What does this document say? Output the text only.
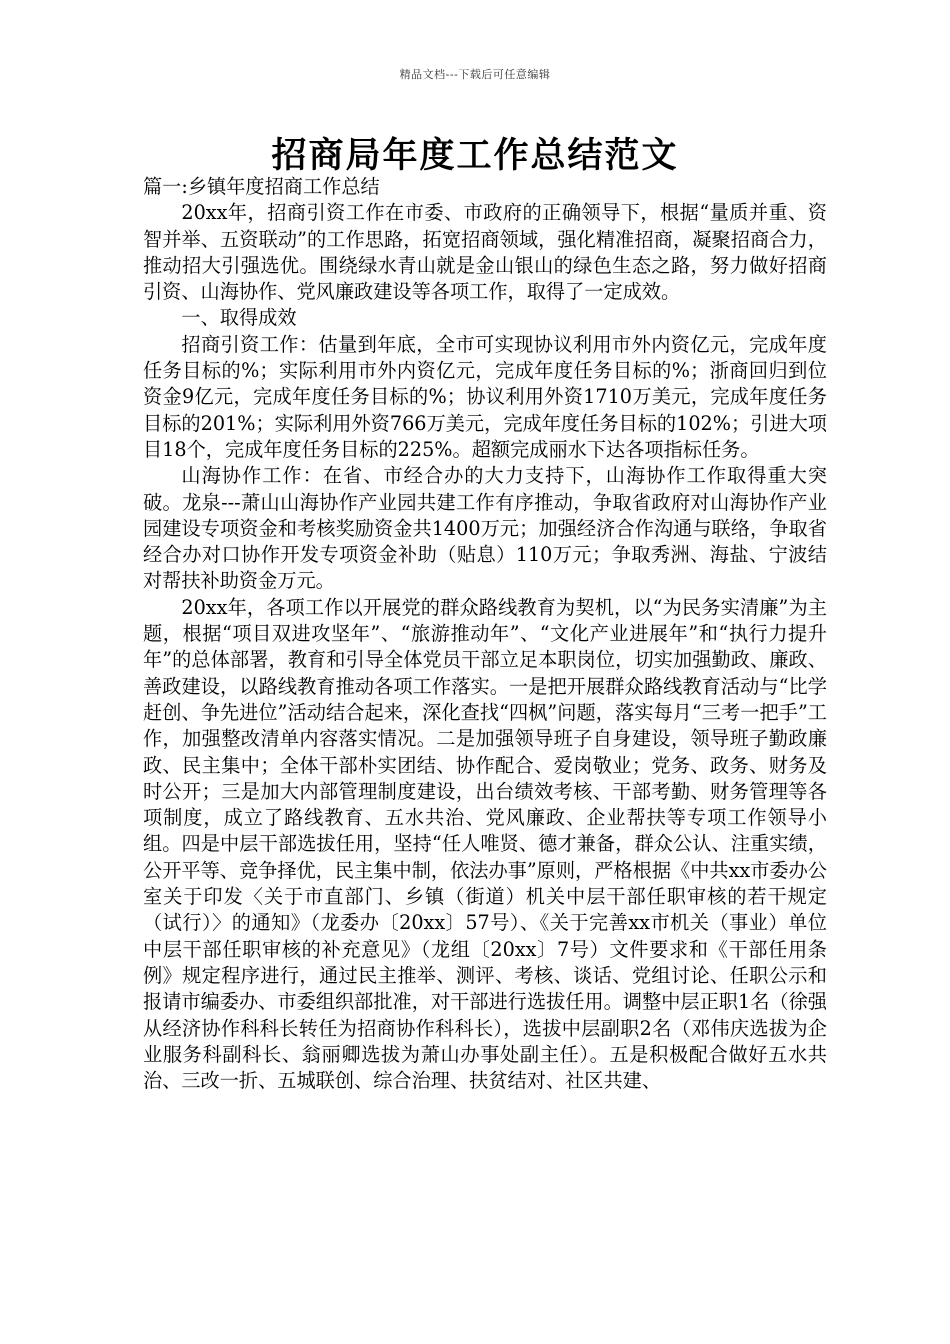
精品文档---下载后可任意编辑
招商局年度工作总结范文

篇一:乡镇年度招商工作总结

20xx年，招商引资工作在市委、市政府的正确领导下，根据“量质并重、资智并举、五资联动”的工作思路，拓宽招商领域，强化精准招商，凝聚招商合力，推动招大引强选优。围绕绿水青山就是金山银山的绿色生态之路，努力做好招商引资、山海协作、党风廉政建设等各项工作，取得了一定成效。

一、取得成效

招商引资工作：估量到年底，全市可实现协议利用市外内资亿元，完成年度任务目标的%；实际利用市外内资亿元，完成年度任务目标的%；浙商回归到位资金9亿元，完成年度任务目标的%；协议利用外资1710万美元，完成年度任务目标的201%；实际利用外资766万美元，完成年度任务目标的102%；引进大项目18个，完成年度任务目标的225%。超额完成丽水下达各项指标任务。

山海协作工作：在省、市经合办的大力支持下，山海协作工作取得重大突破。龙泉---萧山山海协作产业园共建工作有序推动，争取省政府对山海协作产业园建设专项资金和考核奖励资金共1400万元；加强经济合作沟通与联络，争取省经合办对口协作开发专项资金补助（贴息）110万元；争取秀洲、海盐、宁波结对帮扶补助资金万元。

20xx年，各项工作以开展党的群众路线教育为契机，以“为民务实清廉”为主题，根据“项目双进攻坚年”、“旅游推动年”、“文化产业进展年”和“执行力提升年”的总体部署，教育和引导全体党员干部立足本职岗位，切实加强勤政、廉政、善政建设，以路线教育推动各项工作落实。一是把开展群众路线教育活动与“比学赶创、争先进位”活动结合起来，深化查找“四枫”问题，落实每月“三考一把手”工作，加强整改清单内容落实情况。二是加强领导班子自身建设，领导班子勤政廉政、民主集中；全体干部朴实团结、协作配合、爱岗敬业；党务、政务、财务及时公开；三是加大内部管理制度建设，出台绩效考核、干部考勤、财务管理等各项制度，成立了路线教育、五水共治、党风廉政、企业帮扶等专项工作领导小组。四是中层干部选拔任用，坚持“任人唯贤、德才兼备，群众公认、注重实绩，公开平等、竞争择优，民主集中制，依法办事”原则，严格根据《中共xx市委办公室关于印发〈关于市直部门、乡镇（街道）机关中层干部任职审核的若干规定（试行）〉的通知》（龙委办〔20xx〕57号）、《关于完善xx市机关（事业）单位中层干部任职审核的补充意见》（龙组〔20xx〕7号）文件要求和《干部任用条例》规定程序进行，通过民主推举、测评、考核、谈话、党组讨论、任职公示和报请市编委办、市委组织部批准，对干部进行选拔任用。调整中层正职1名（徐强从经济协作科科长转任为招商协作科科长），选拔中层副职2名（邓伟庆选拔为企业服务科副科长、翁丽卿选拔为萧山办事处副主任）。五是积极配合做好五水共治、三改一折、五城联创、综合治理、扶贫结对、社区共建、
